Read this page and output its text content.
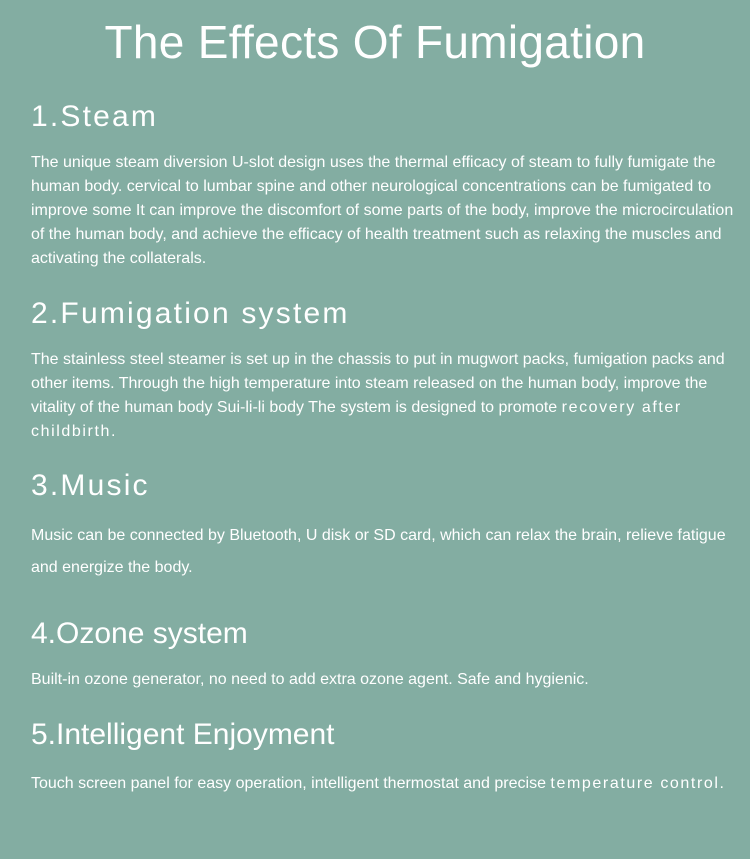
The Effects Of Fumigation
1.Steam

The unique steam diversion U-slot design uses the thermal efficacy of steam to fully fumigate the human body. cervical to lumbar spine and other neurological concentrations can be fumigated to improve some It can improve the discomfort of some parts of the body, improve the microcirculation of the human body, and achieve the efficacy of health treatment such as relaxing the muscles and activating the collaterals.

2.Fumigation system

The stainless steel steamer is set up in the chassis to put in mugwort packs, fumigation packs and other items. Through the high temperature into steam released on the human body, improve the vitality of the human body Sui-li-li body The system is designed to promote recovery after childbirth.

3.Music

Music can be connected by Bluetooth, U disk or SD card, which can relax the brain, relieve fatigue and energize the body.

4.Ozone system

Built-in ozone generator, no need to add extra ozone agent. Safe and hygienic.

5.Intelligent Enjoyment

Touch screen panel for easy operation, intelligent thermostat and precise temperature control.
